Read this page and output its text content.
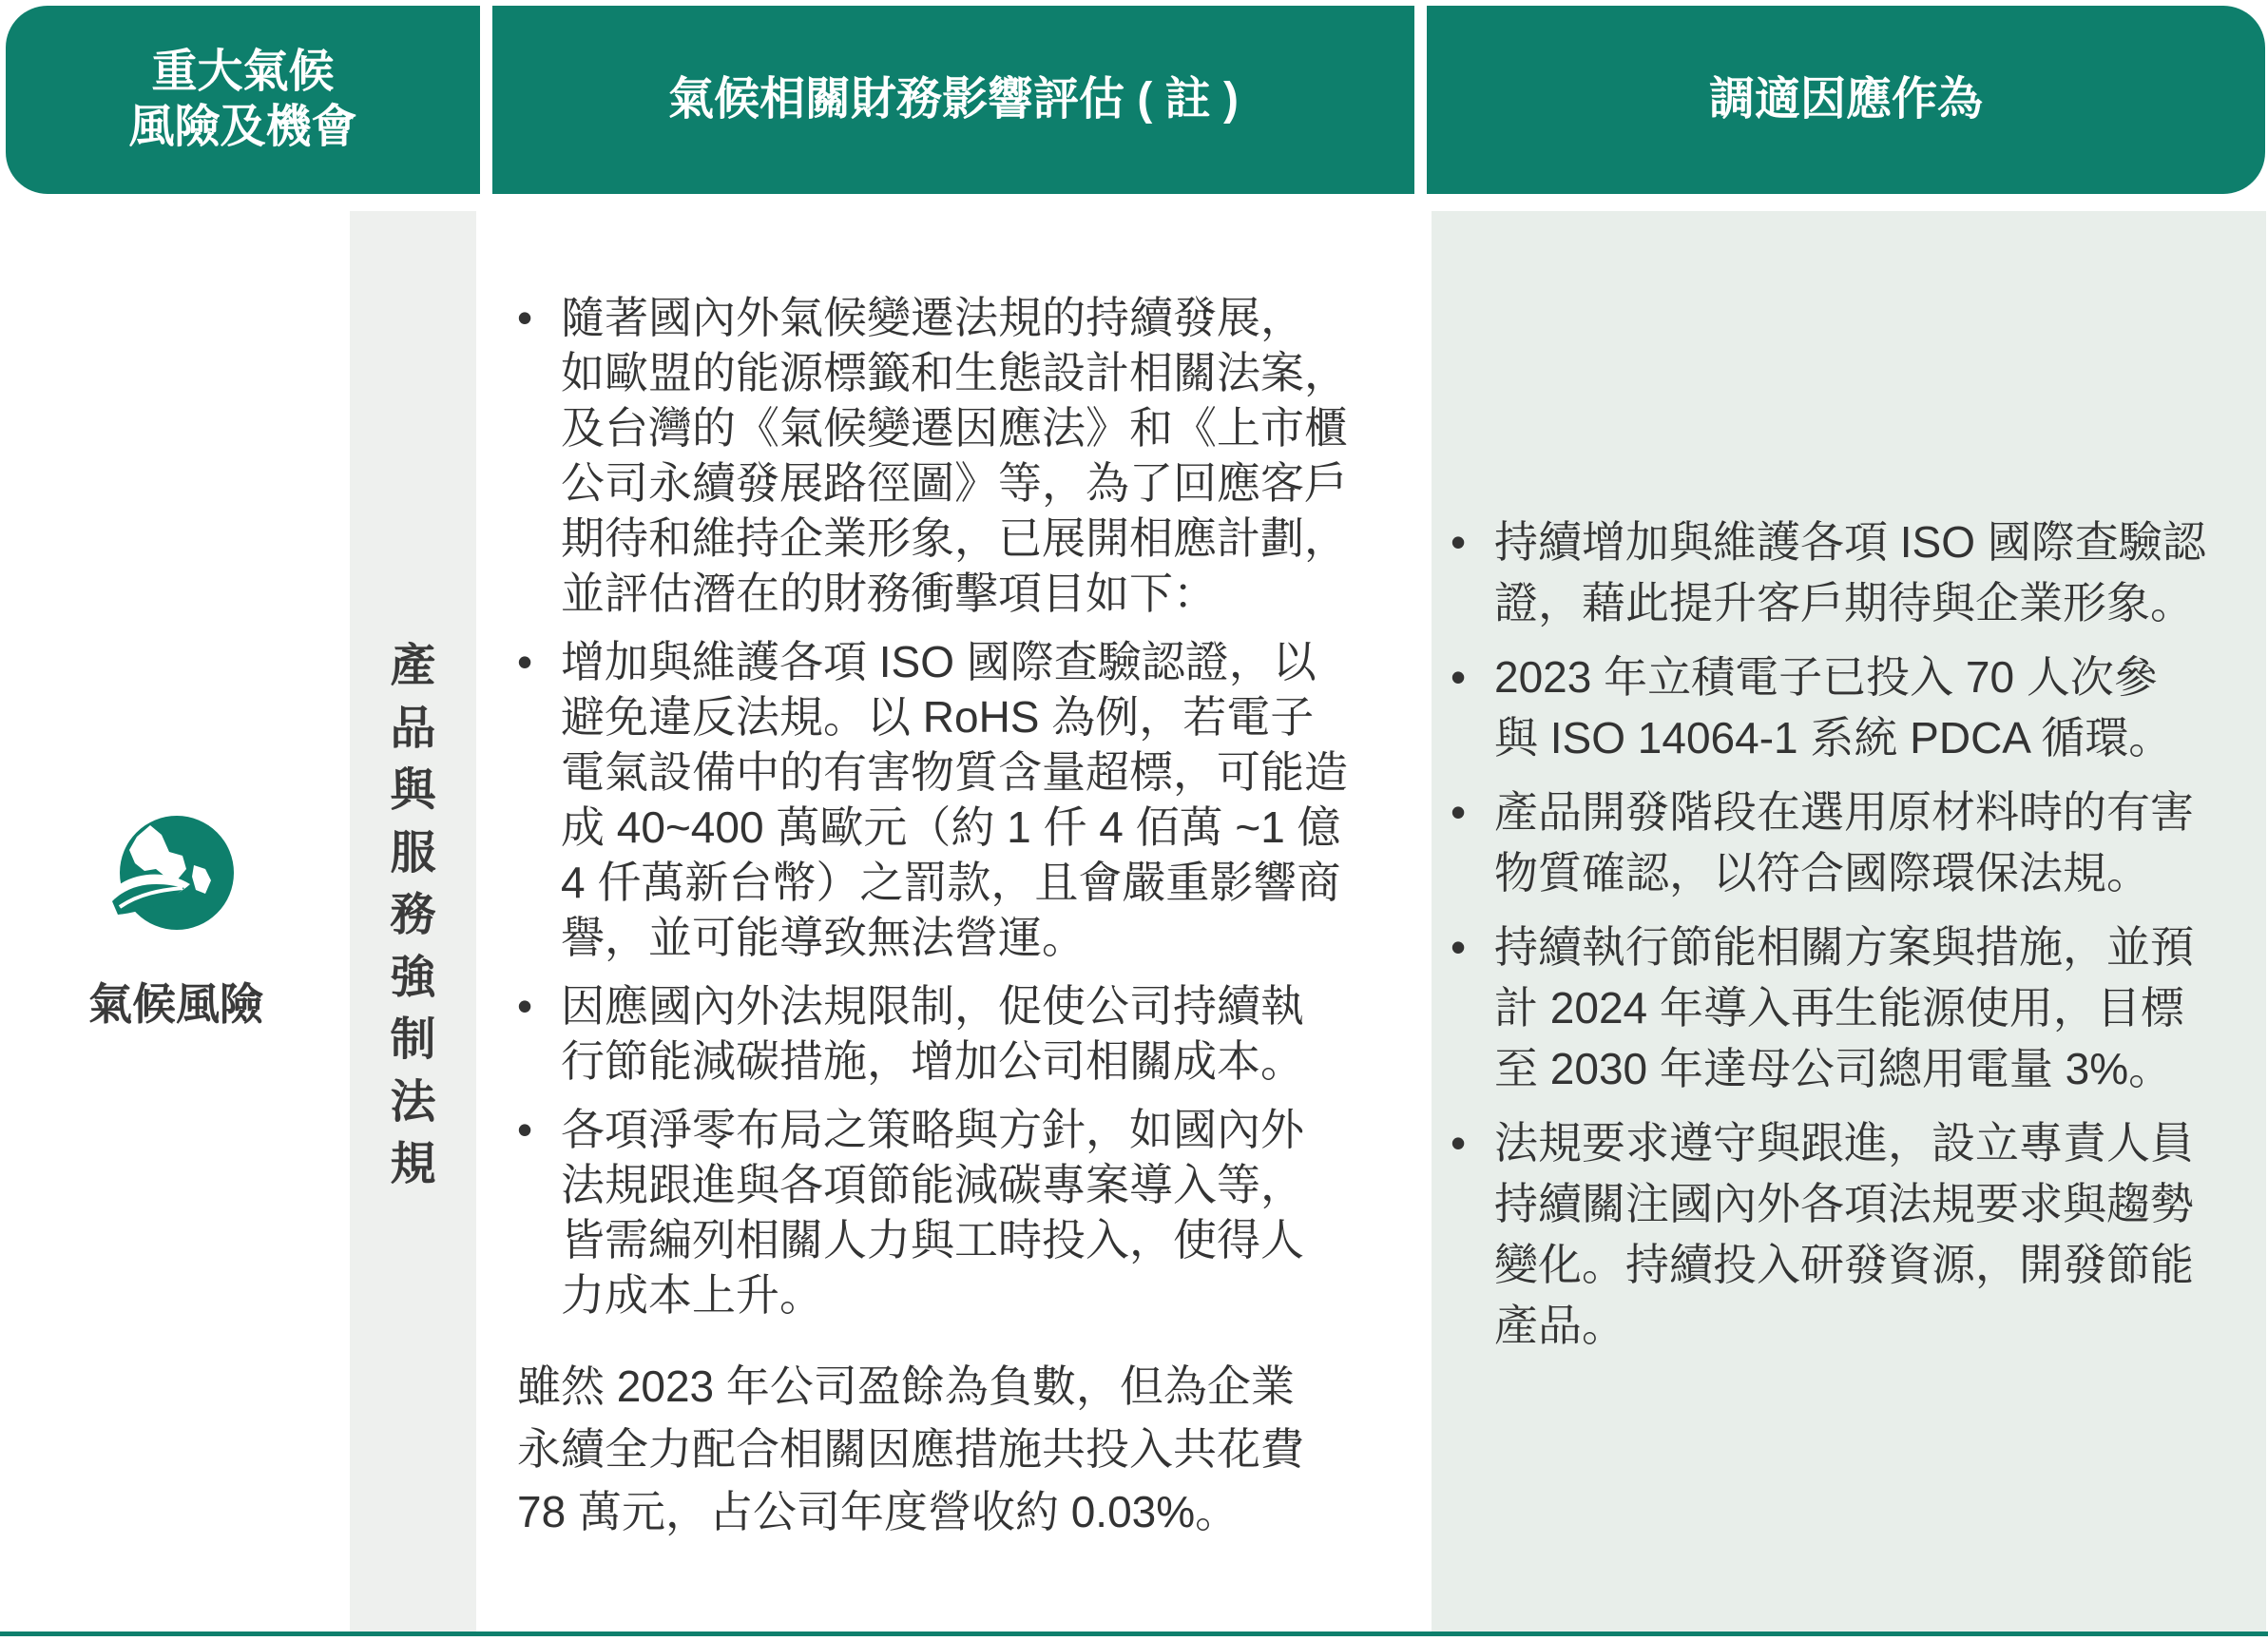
重大氣候
風險及機會
氣候相關財務影響評估 ( 註 )	調適因應作為
氣候風險
產
品
與
服
務
強
制
法
規
• 隨著國內外氣候變遷法規的持續發展，
如歐盟的能源標籤和生態設計相關法案，
及台灣的《氣候變遷因應法》和《上市櫃
公司永續發展路徑圖》等，為了回應客戶
期待和維持企業形象，已展開相應計劃，
並評估潛在的財務衝擊項目如下：
• 增加與維護各項 ISO 國際查驗認證，以
避免違反法規。以 RoHS 為例，若電子
電氣設備中的有害物質含量超標，可能造
成 40~400 萬歐元（約 1 仟 4 佰萬 ~1 億
4 仟萬新台幣）之罰款，且會嚴重影響商
譽，並可能導致無法營運。
• 因應國內外法規限制，促使公司持續執
行節能減碳措施，增加公司相關成本。
• 各項淨零布局之策略與方針，如國內外
法規跟進與各項節能減碳專案導入等，
皆需編列相關人力與工時投入，使得人
力成本上升。

雖然 2023 年公司盈餘為負數，但為企業
永續全力配合相關因應措施共投入共花費
78 萬元，占公司年度營收約 0.03%。

• 持續增加與維護各項 ISO 國際查驗認
證，藉此提升客戶期待與企業形象。
• 2023 年立積電子已投入 70 人次參
與 ISO 14064-1 系統 PDCA 循環。
• 產品開發階段在選用原材料時的有害
物質確認，以符合國際環保法規。
• 持續執行節能相關方案與措施，並預
計 2024 年導入再生能源使用，目標
至 2030 年達母公司總用電量 3%。
• 法規要求遵守與跟進，設立專責人員
持續關注國內外各項法規要求與趨勢
變化。持續投入研發資源，開發節能
產品。
